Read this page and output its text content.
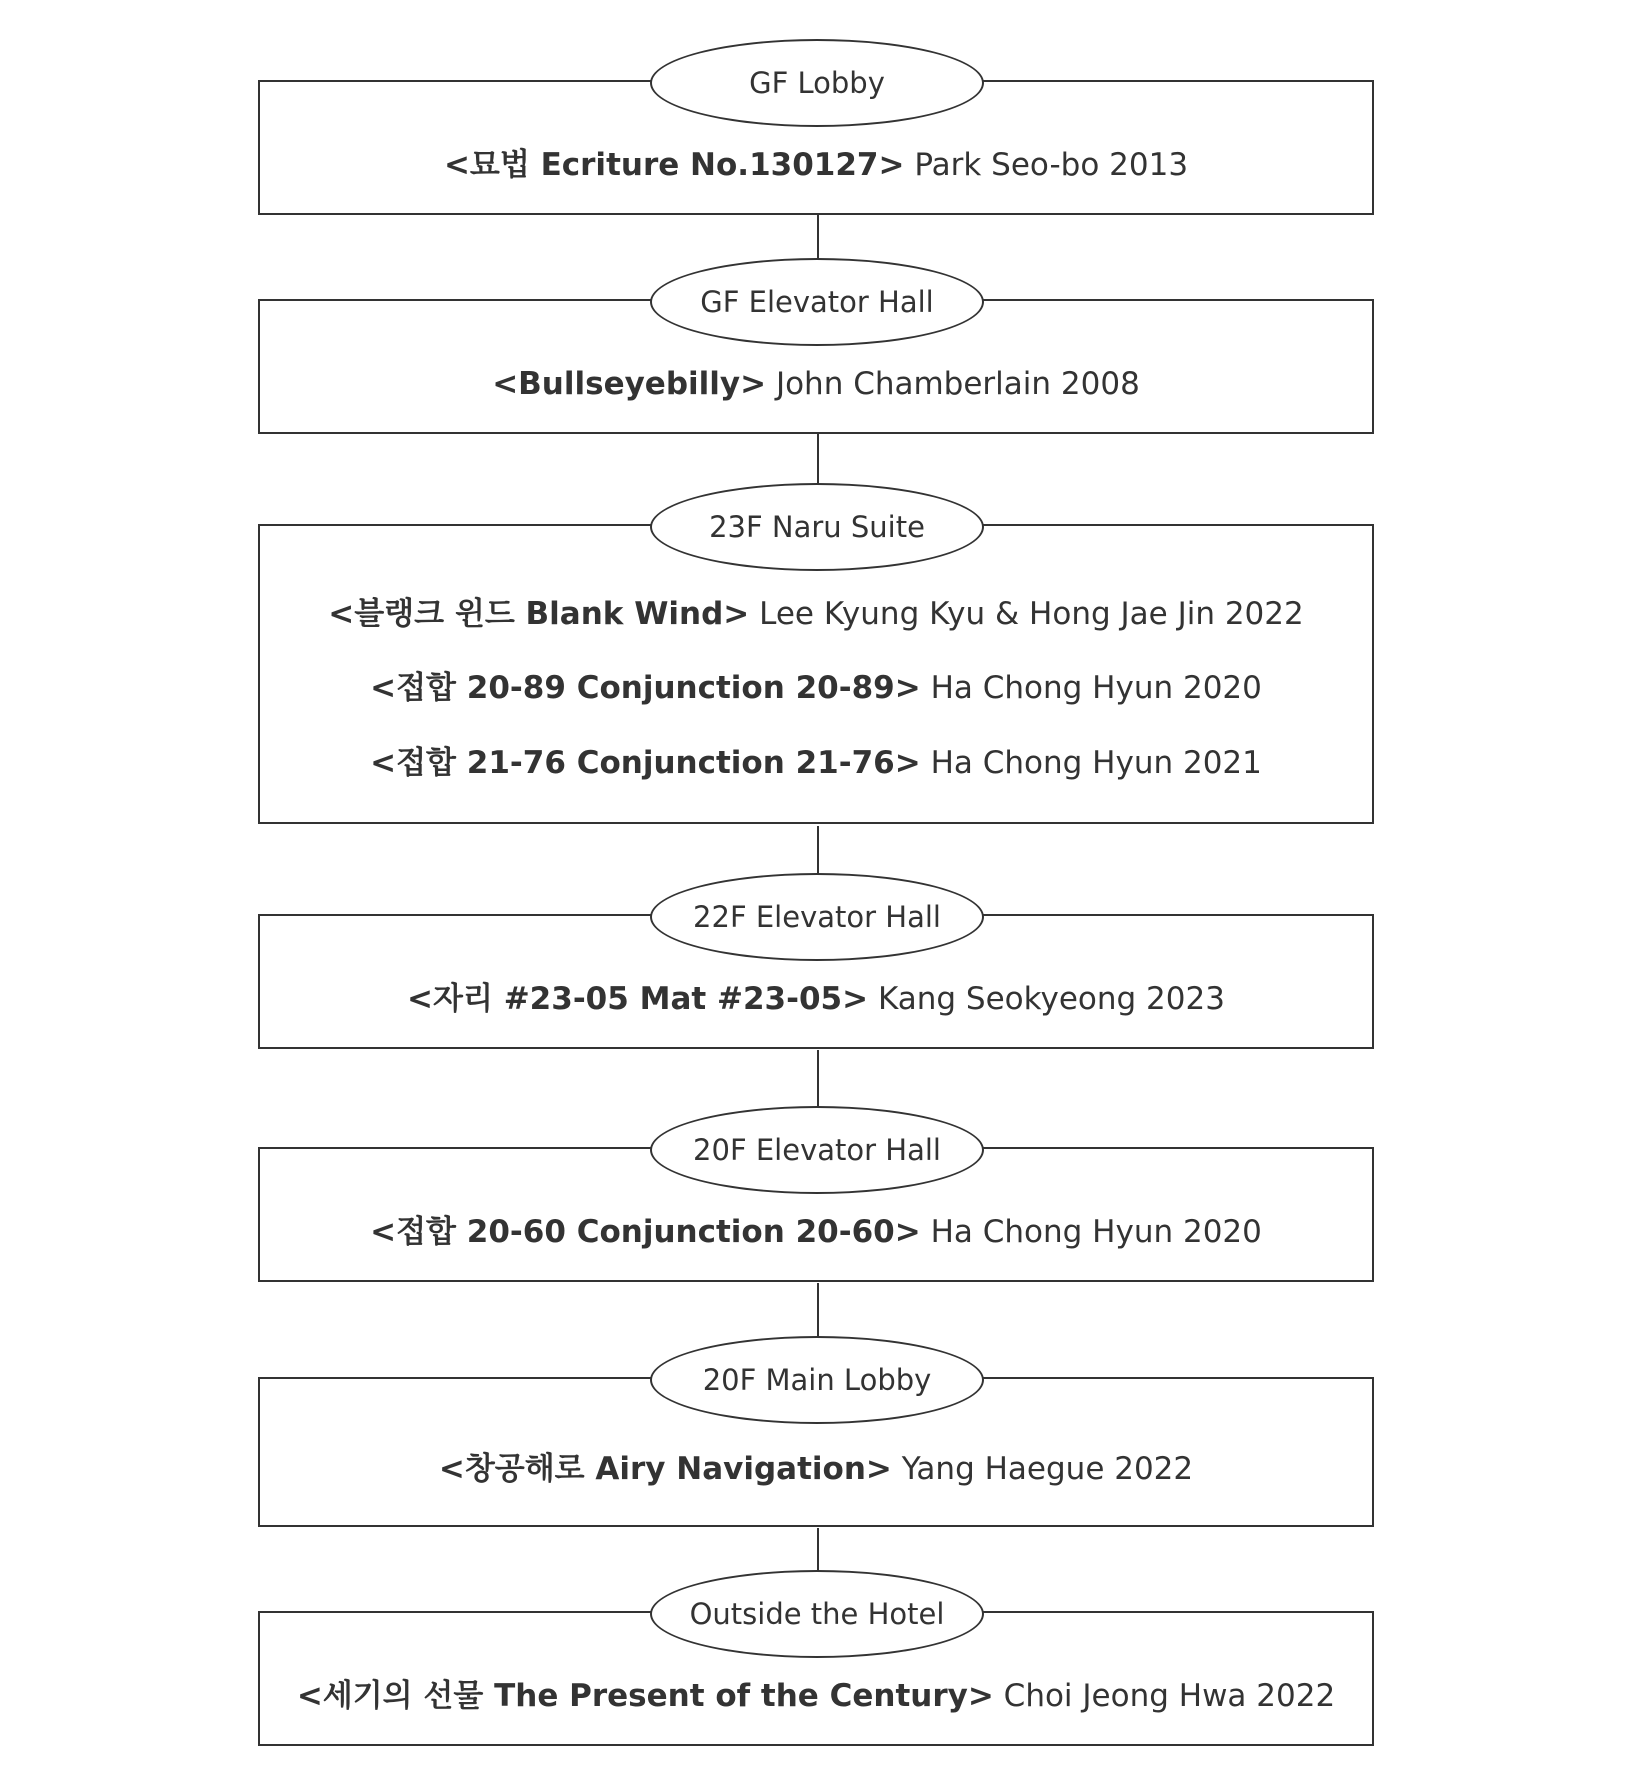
<묘법 Ecriture No.130127> Park Seo-bo 2013
GF Lobby
<Bullseyebilly> John Chamberlain 2008
GF Elevator Hall
<블랭크 윈드 Blank Wind> Lee Kyung Kyu & Hong Jae Jin 2022
<접합 20-89 Conjunction 20-89> Ha Chong Hyun 2020
<접합 21-76 Conjunction 21-76> Ha Chong Hyun 2021
23F Naru Suite
<자리 #23-05 Mat #23-05> Kang Seokyeong 2023
22F Elevator Hall
<접합 20-60 Conjunction 20-60> Ha Chong Hyun 2020
20F Elevator Hall
<창공해로 Airy Navigation> Yang Haegue 2022
20F Main Lobby
<세기의 선물 The Present of the Century> Choi Jeong Hwa 2022
Outside the Hotel
